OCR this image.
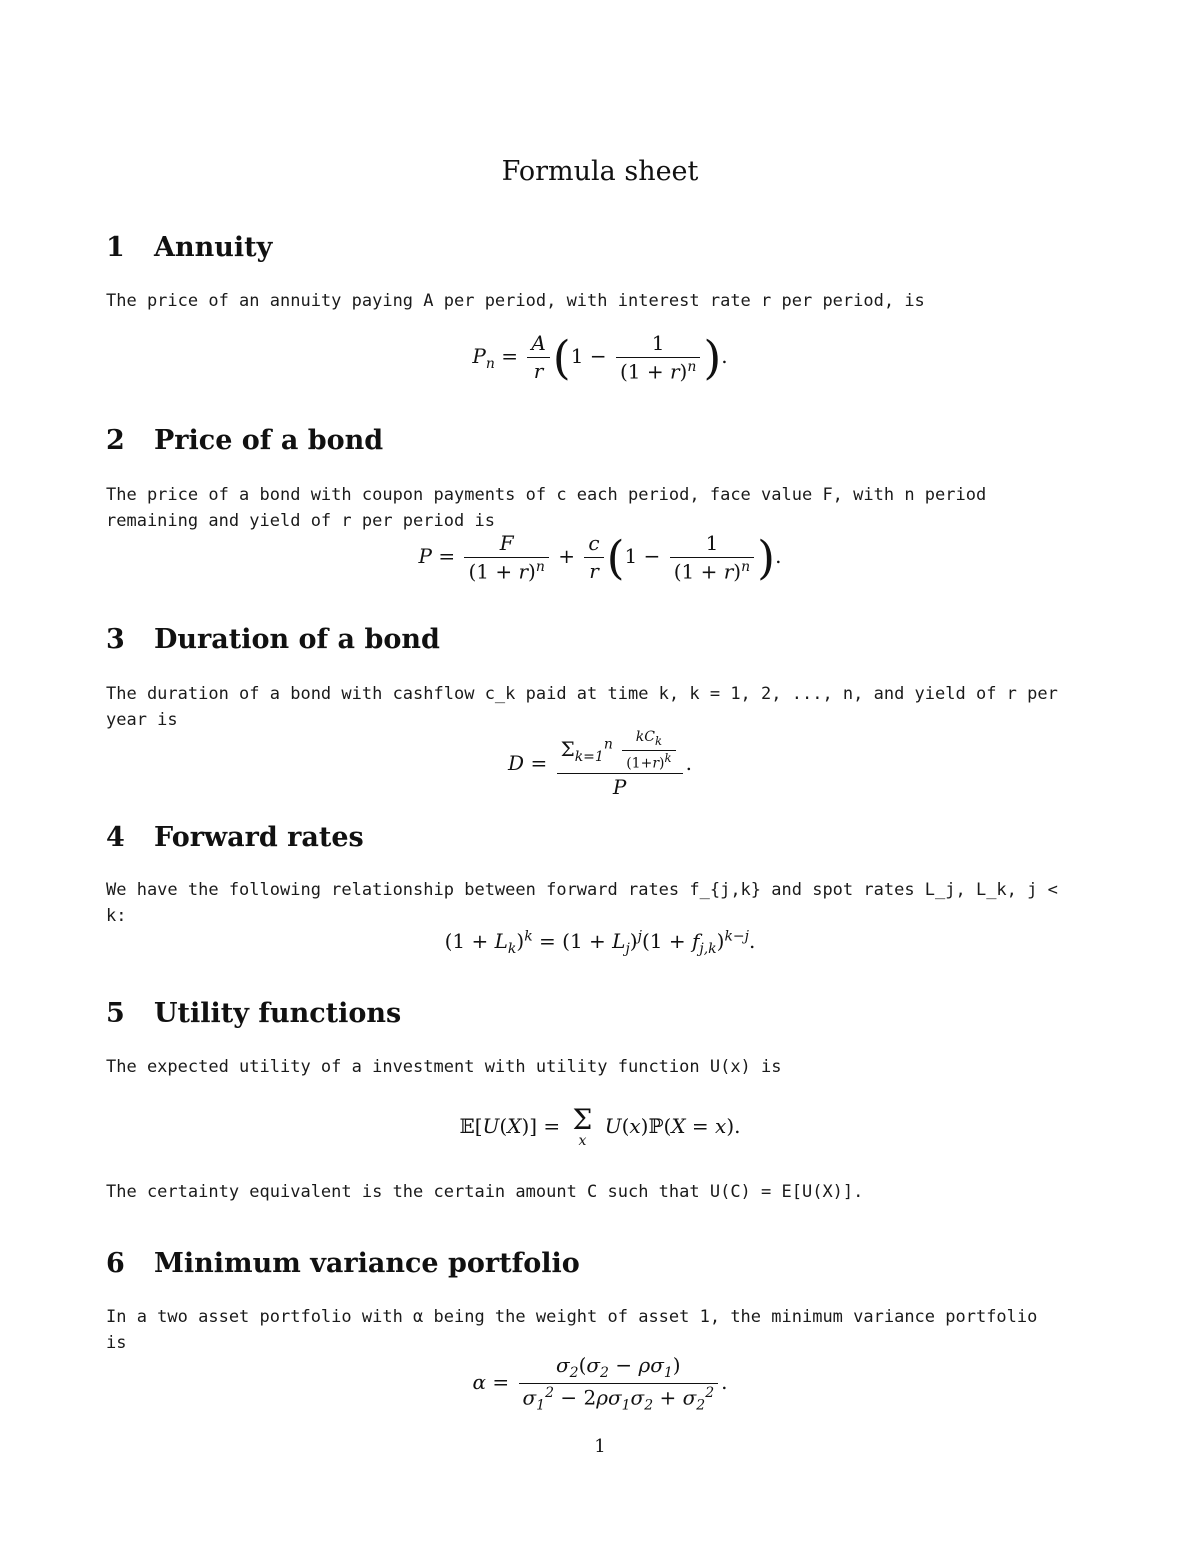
Formula sheet
1 Annuity

The price of an annuity paying A per period, with interest rate r per period, is

$P_n = \frac{A}{r} (1 - \frac{1}{(1 + r)^n}$ ).
2 Price of a bond

The price of a bond with coupon payments of c each period, face value F, with n period remaining and yield of r per period is

$P = \frac{F}{(1 + r)^n} + \frac{c}{r} (1 - \frac{1}{(1 + r)^n}$ ).
3 Duration of a bond

The duration of a bond with cashflow c_k paid at time k, k = 1, 2, ..., n, and yield of r per year is

$D = \frac{\Sigma_{k=1}^n \frac{kC_k}{(1+r)^k}}{P}$ .
4 Forward rates

We have the following relationship between forward rates f_{j,k} and spot rates L_j, L_k, j < k:

$(1 + L_k)^k = (1 + L_j)^j(1 + f_{j,k})^{k-j}$.
5 Utility functions

The expected utility of a investment with utility function U(x) is

𝔼[U(X)] = Σ
x
U(x)ℙ(X = x).

The certainty equivalent is the certain amount C such that U(C) = E[U(X)].

6 Minimum variance portfolio

In a two asset portfolio with α being the weight of asset 1, the minimum variance portfolio is

$\alpha = \frac{\sigma_2(\sigma_2 - \rho\sigma_1)}{\sigma_1^2 - 2\rho\sigma_1\sigma_2 + \sigma_2^2}$ .
1
